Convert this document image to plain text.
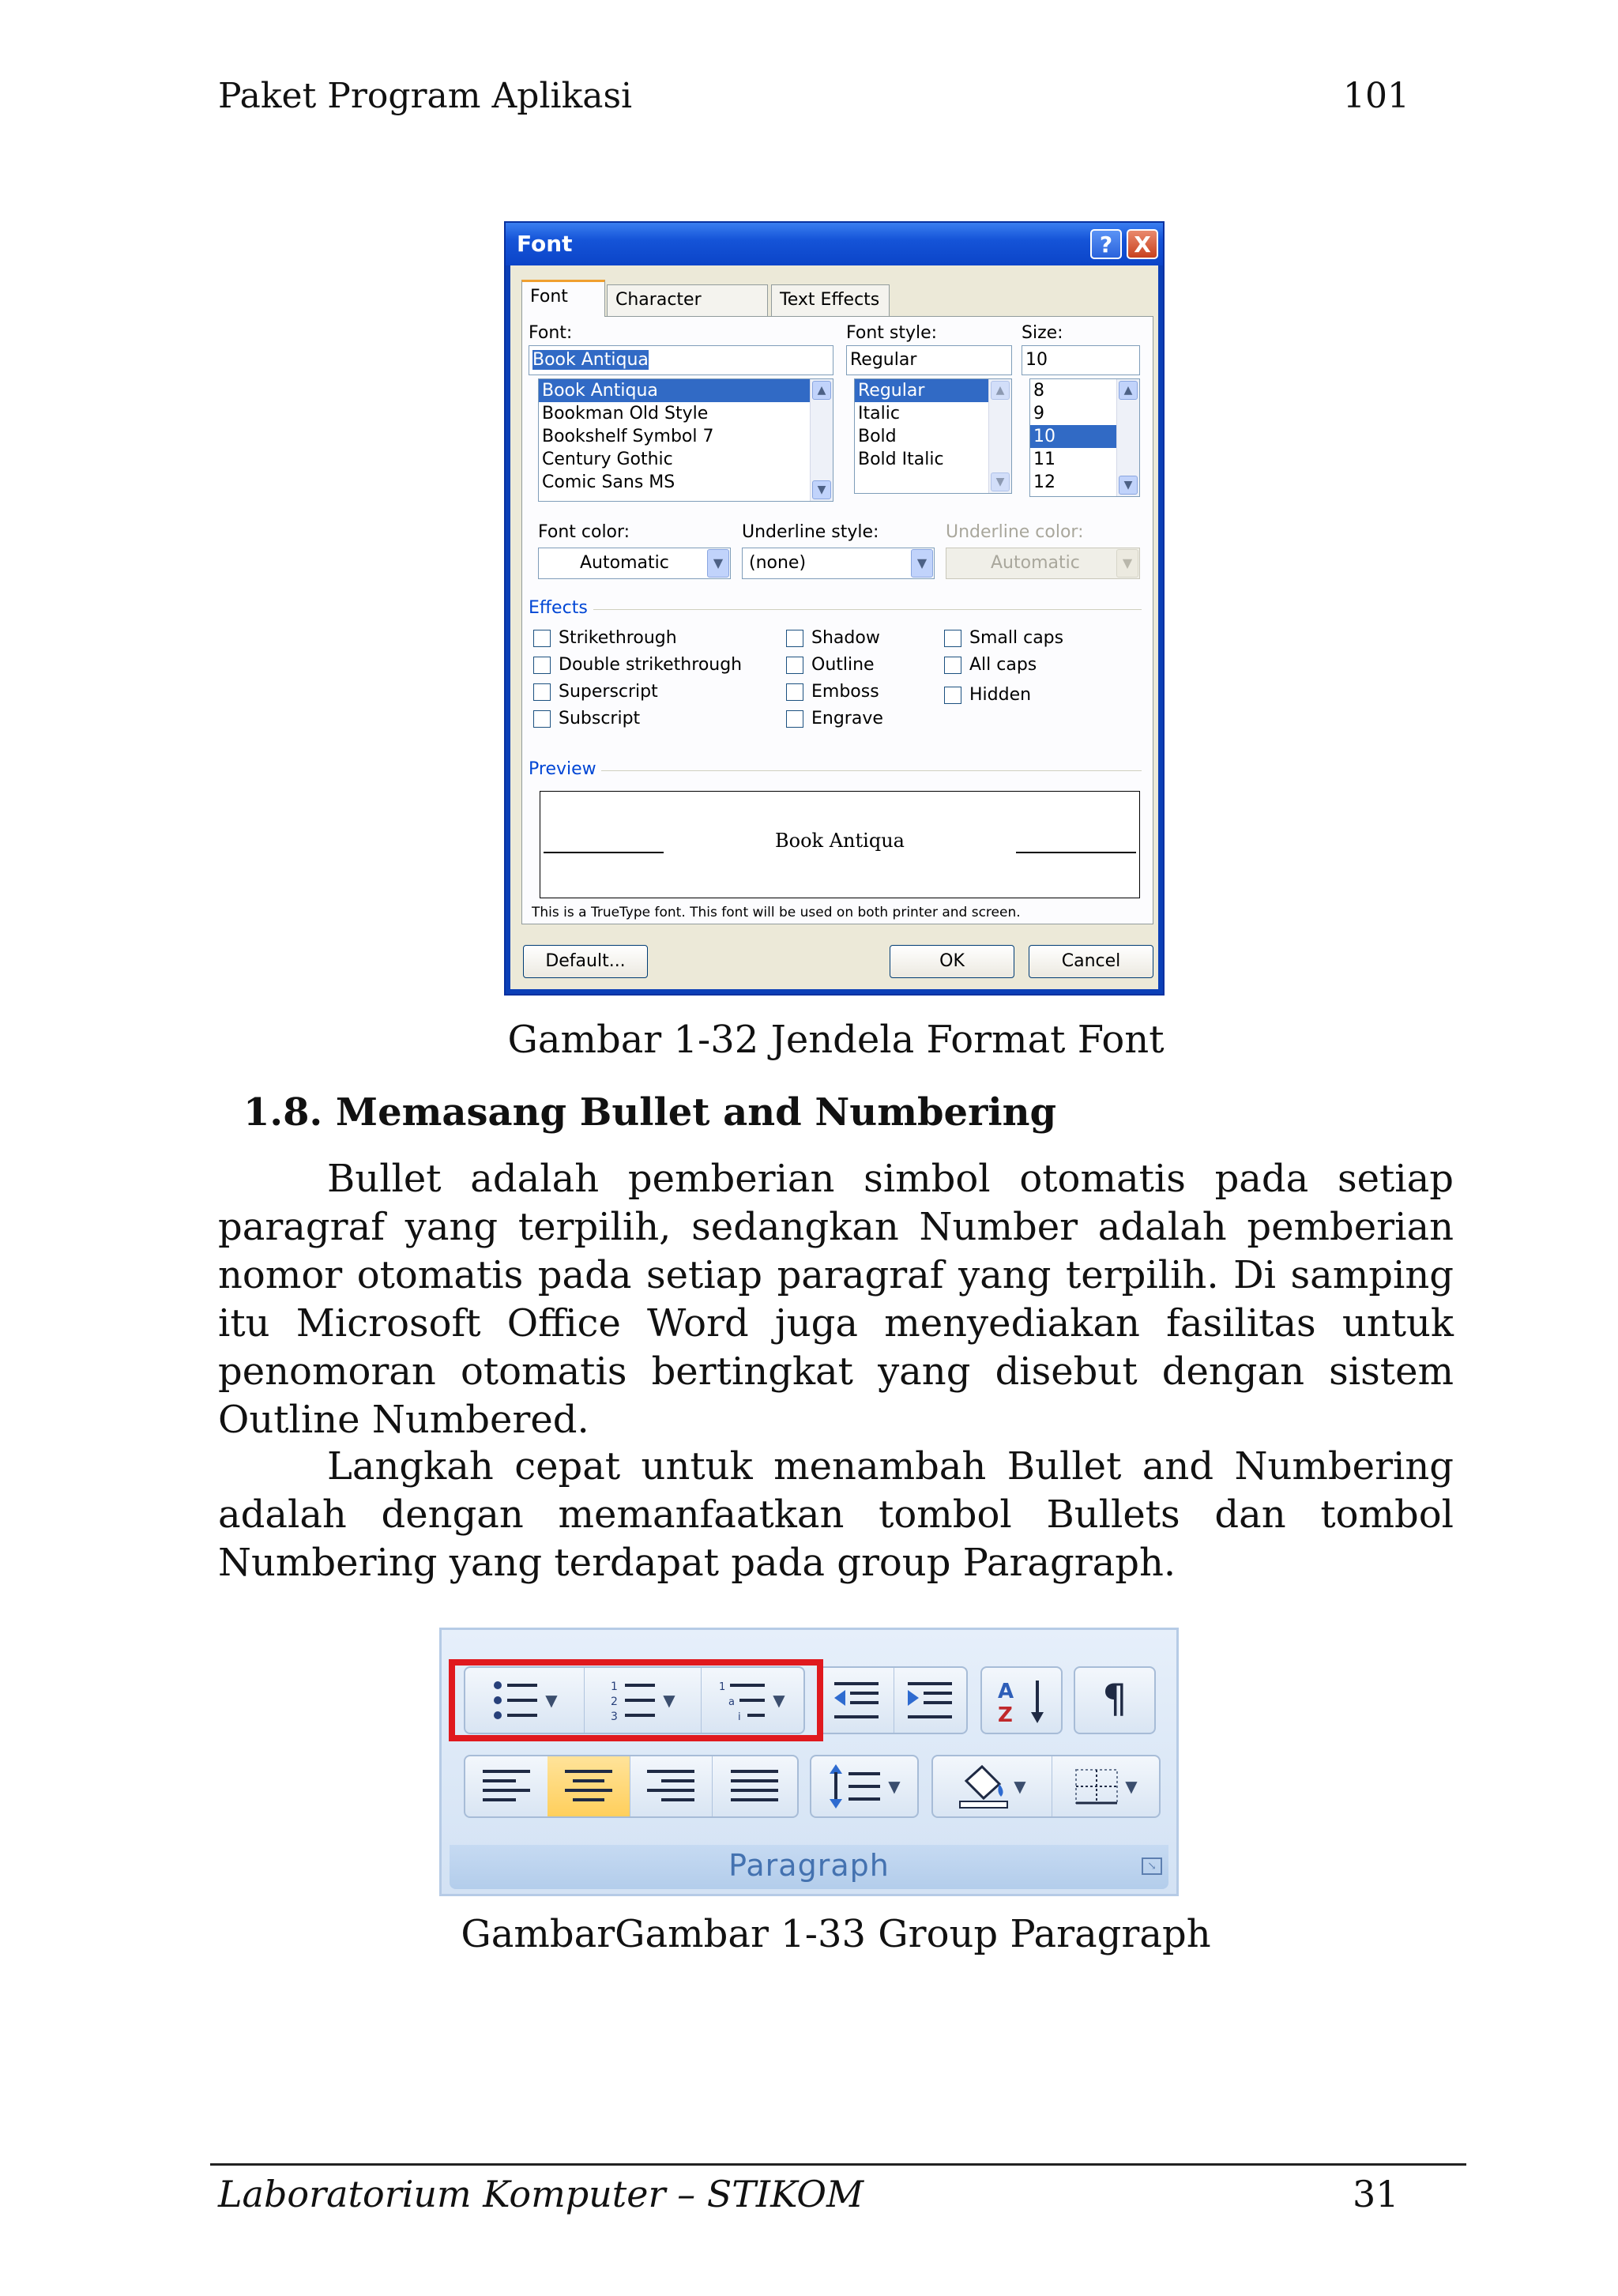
Paket Program Aplikasi	101
Font	? X
Font	Character	Text Effects
Font:
Book Antiqua
Book Antiqua
Bookman Old Style
Bookshelf Symbol 7
Century Gothic
Comic Sans MS
▲
▼
Font style:
Regular
Regular
Italic
Bold
Bold Italic
▲
▼
Size:
10
8
9
10
11
12
▲
▼
Font color:
Automatic	▼
Underline style:
(none)	▼
Underline color:
Automatic	▼
Effects
Strikethrough
Double strikethrough
Superscript
Subscript
Shadow
Outline
Emboss
Engrave
Small caps
All caps
Hidden
Preview
Book Antiqua
This is a TrueType font. This font will be used on both printer and screen.
Default...	OK	Cancel
Gambar 1-32 Jendela Format Font
1.8. Memasang Bullet and Numbering
Bullet adalah pemberian simbol otomatis pada setiap paragraf yang terpilih, sedangkan Number adalah pemberian nomor otomatis pada setiap paragraf yang terpilih. Di samping itu Microsoft Office Word juga menyediakan fasilitas untuk penomoran otomatis bertingkat yang disebut dengan sistem Outline Numbered.
Langkah cepat untuk menambah Bullet and Numbering adalah dengan memanfaatkan tombol Bullets dan tombol Numbering yang terdapat pada group Paragraph.
▼
1
2
3
▼
1
a
i
▼	A
Z	¶
▼	▼	▼
Paragraph	↘
GambarGambar 1-33 Group Paragraph
Laboratorium Komputer – STIKOM	31
